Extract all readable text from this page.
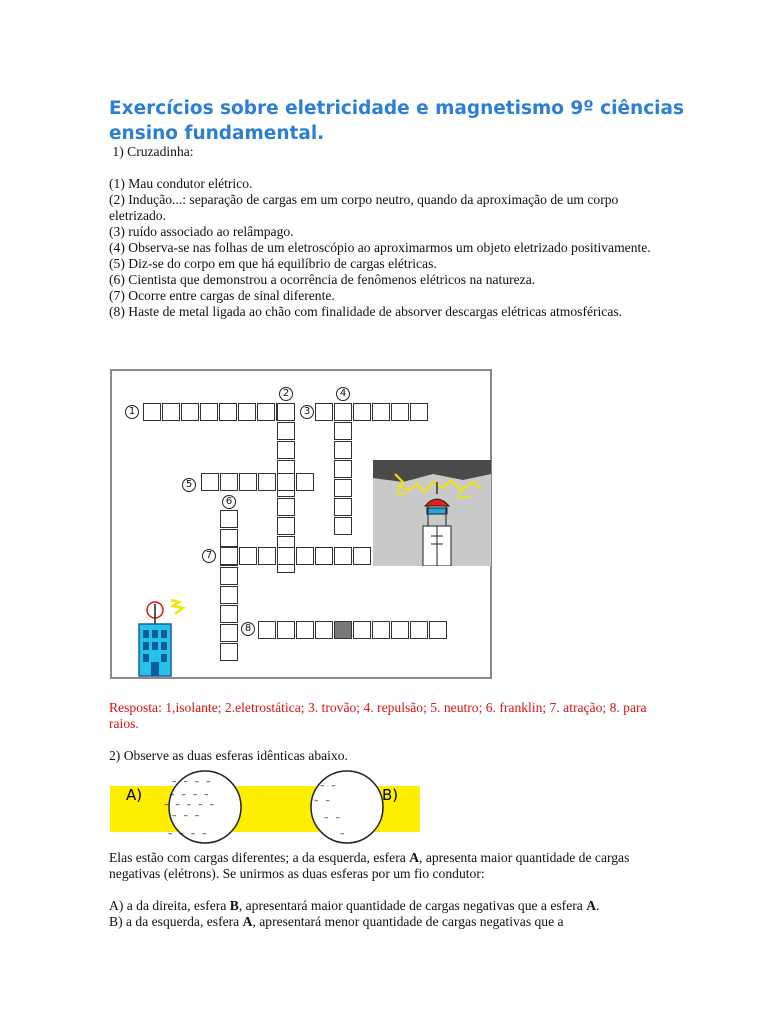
Exercícios sobre eletricidade e magnetismo 9º ciências ensino fundamental.
1) Cruzadinha:
(1) Mau condutor elétrico.
(2) Indução...: separação de cargas em um corpo neutro, quando da aproximação de um corpo eletrizado.
(3) ruído associado ao relâmpago.
(4) Observa-se nas folhas de um eletroscópio ao aproximarmos um objeto eletrizado positivamente.
(5) Diz-se do corpo em que há equilíbrio de cargas elétricas.
(6) Cientista que demonstrou a ocorrência de fenômenos elétricos na natureza.
(7) Ocorre entre cargas de sinal diferente.
(8) Haste de metal ligada ao chão com finalidade de absorver descargas elétricas atmosféricas.
1	3
2	4
5
6
7
8
Resposta: 1,isolante; 2.eletrostática; 3. trovão; 4. repulsão; 5. neutro; 6. franklin; 7. atração; 8. para raios.
2) Observe as duas esferas idênticas abaixo.
– – – –
– – – –
– – – – –
– – –
– – – –
– –
– –
– –
–
A)	B)
Elas estão com cargas diferentes; a da esquerda, esfera A, apresenta maior quantidade de cargas negativas (elétrons). Se unirmos as duas esferas por um fio condutor:
A) a da direita, esfera B, apresentará maior quantidade de cargas negativas que a esfera A.
B) a da esquerda, esfera A, apresentará menor quantidade de cargas negativas que a
